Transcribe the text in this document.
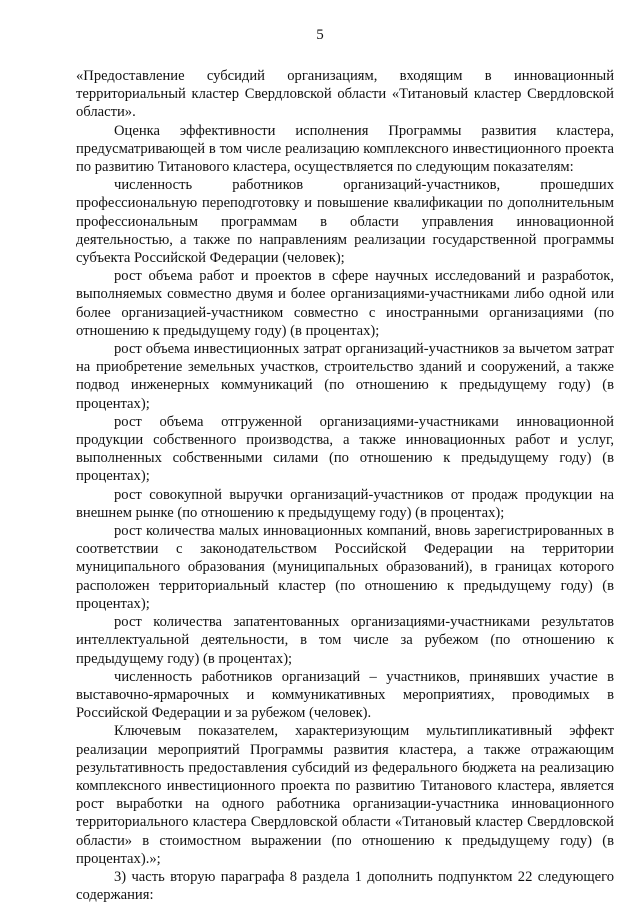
5

«Предоставление субсидий организациям, входящим в инновационный территориальный кластер Свердловской области «Титановый кластер Свердловской области».

Оценка эффективности исполнения Программы развития кластера, предусматривающей в том числе реализацию комплексного инвестиционного проекта по развитию Титанового кластера, осуществляется по следующим показателям:

численность работников организаций-участников, прошедших профессиональную переподготовку и повышение квалификации по дополнительным профессиональным программам в области управления инновационной деятельностью, а также по направлениям реализации государственной программы субъекта Российской Федерации (человек);

рост объема работ и проектов в сфере научных исследований и разработок, выполняемых совместно двумя и более организациями-участниками либо одной или более организацией-участником совместно с иностранными организациями (по отношению к предыдущему году) (в процентах);

рост объема инвестиционных затрат организаций-участников за вычетом затрат на приобретение земельных участков, строительство зданий и сооружений, а также подвод инженерных коммуникаций (по отношению к предыдущему году) (в процентах);

рост объема отгруженной организациями-участниками инновационной продукции собственного производства, а также инновационных работ и услуг, выполненных собственными силами (по отношению к предыдущему году) (в процентах);

рост совокупной выручки организаций-участников от продаж продукции на внешнем рынке (по отношению к предыдущему году) (в процентах);

рост количества малых инновационных компаний, вновь зарегистрированных в соответствии с законодательством Российской Федерации на территории муниципального образования (муниципальных образований), в границах которого расположен территориальный кластер (по отношению к предыдущему году) (в процентах);

рост количества запатентованных организациями-участниками результатов интеллектуальной деятельности, в том числе за рубежом (по отношению к предыдущему году) (в процентах);

численность работников организаций – участников, принявших участие в выставочно-ярмарочных и коммуникативных мероприятиях, проводимых в Российской Федерации и за рубежом (человек).

Ключевым показателем, характеризующим мультипликативный эффект реализации мероприятий Программы развития кластера, а также отражающим результативность предоставления субсидий из федерального бюджета на реализацию комплексного инвестиционного проекта по развитию Титанового кластера, является рост выработки на одного работника организации-участника инновационного территориального кластера Свердловской области «Титановый кластер Свердловской области» в стоимостном выражении (по отношению к предыдущему году) (в процентах).»;

3) часть вторую параграфа 8 раздела 1 дополнить подпунктом 22 следующего содержания:
